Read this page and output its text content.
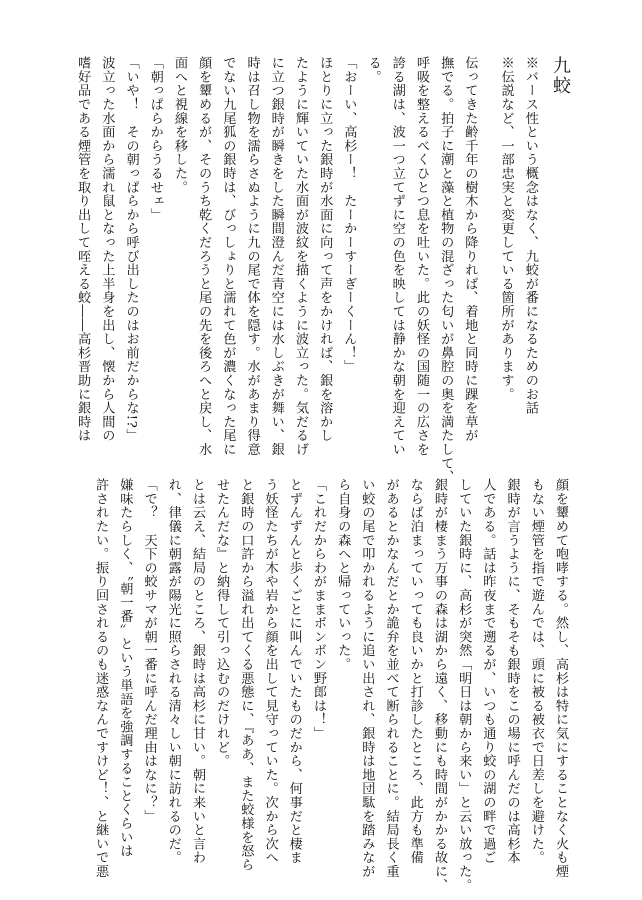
九蛟
※バース性という概念はなく、九蛟が番になるためのお話
※伝説など、一部忠実と変更している箇所があります。
伝ってきた齢千年の樹木から降りれば、着地と同時に踝を草が
撫でる。拍子に潮と藻と植物の混ざった匂いが鼻腔の奥を満たして、
呼吸を整えるべくひとつ息を吐いた。此の妖怪の国随一の広さを
誇る湖は、波一つ立てずに空の色を映しては静かな朝を迎えてい
る。
「おーい、高杉ー！　たーかーすーぎーくーん！」
ほとりに立った銀時が水面に向って声をかければ、銀を溶かし
たように輝いていた水面が波紋を描くように波立った。気だるげ
に立つ銀時が瞬きをした瞬間澄んだ青空には水しぶきが舞い、銀
時は召し物を濡らさぬように九の尾で体を隠す。水があまり得意
でない九尾狐の銀時は、びっしょりと濡れて色が濃くなった尾に
顔を顰めるが、そのうち乾くだろうと尾の先を後ろへと戻し、水
面へと視線を移した。
「朝っぱらからうるせェ」
「いや！　その朝っぱらから呼び出したのはお前だからな!?」
波立った水面から濡れ鼠となった上半身を出し、懐から人間の
嗜好品である煙管を取り出して咥える蛟――高杉晋助に銀時は
顔を顰めて咆哮する。然し、高杉は特に気にすることなく火も煙
もない煙管を指で遊んでは、頭に被る被衣で日差しを避けた。
銀時が言うように、そもそも銀時をこの場に呼んだのは高杉本
人である。話は昨夜まで遡るが、いつも通り蛟の湖の畔で過ご
していた銀時に、高杉が突然「明日は朝から来い」と云い放った。
銀時が棲まう万事の森は湖から遠く、移動にも時間がかかる故に、
ならば泊まっていっても良いかと打診したところ、此方も準備
があるとかなんだとか詭弁を並べて断られることに。結局長く重
い蛟の尾で叩かれるように追い出され、銀時は地団駄を踏みなが
ら自身の森へと帰っていった。
「これだからわがままボンボン野郎は！」
とずんずんと歩くごとに叫んでいたものだから、何事だと棲ま
う妖怪たちが木や岩から顔を出して見守っていた。次から次へ
と銀時の口許から溢れ出てくる悪態に、『ああ、また蛟様を怒ら
せたんだな』と納得して引っ込むのだけれど。
とは云え、結局のところ、銀時は高杉に甘い。朝に来いと言わ
れ、律儀に朝露が陽光に照らされる清々しい朝に訪れるのだ。
「で？　天下の蛟サマが朝一番に呼んだ理由はなに？」
嫌味たらしく、〝朝一番〟という単語を強調することくらいは
許されたい。振り回されるのも迷惑なんですけど！、と継いで悪
